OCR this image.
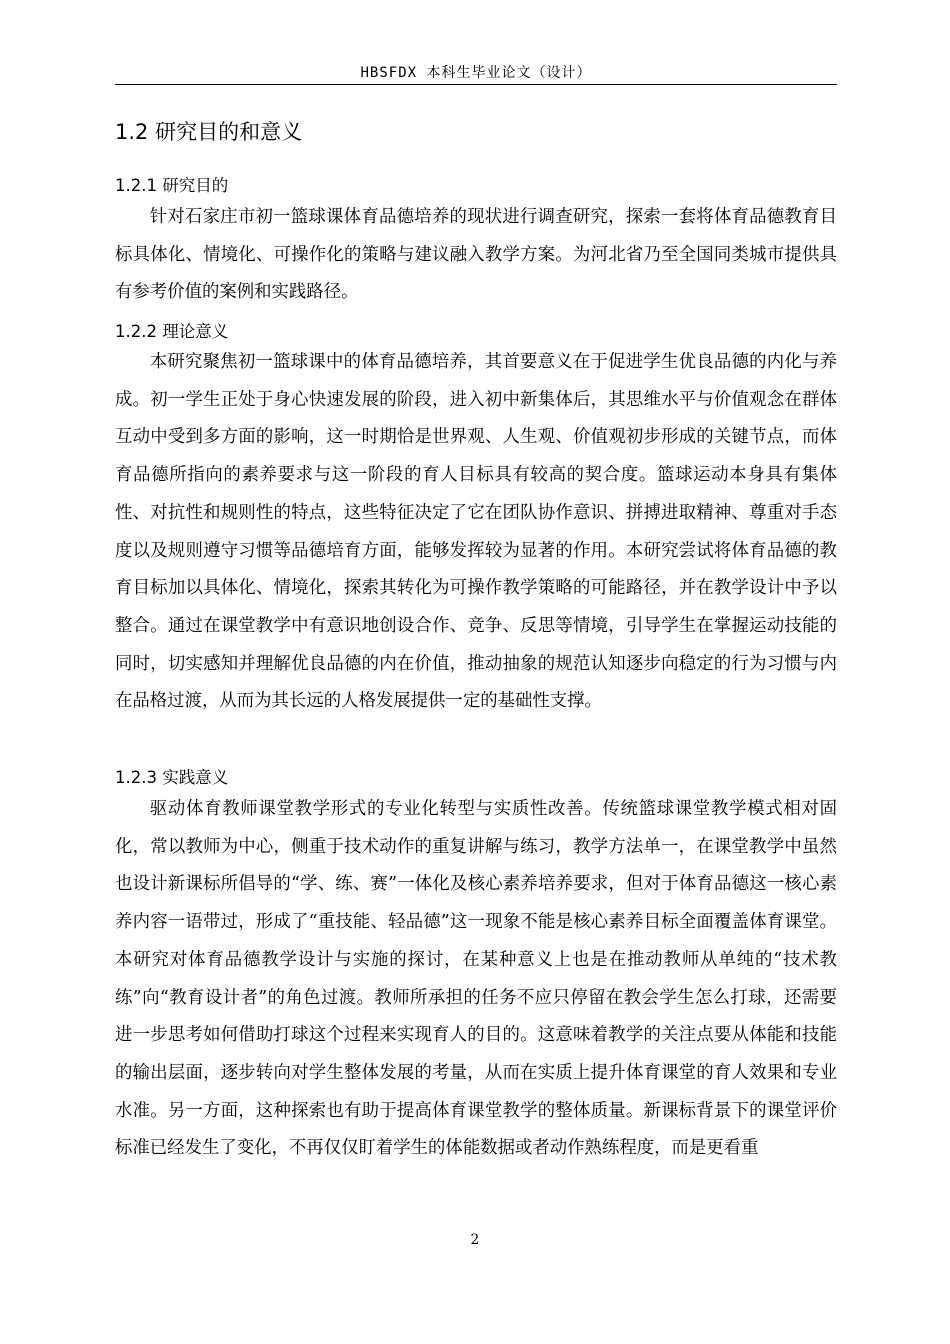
HBSFDX 本科生毕业论文（设计）
1.2 研究目的和意义
1.2.1 研究目的
针对石家庄市初一篮球课体育品德培养的现状进行调查研究，探索一套将体育品德教育目标具体化、情境化、可操作化的策略与建议融入教学方案。为河北省乃至全国同类城市提供具有参考价值的案例和实践路径。
1.2.2 理论意义
本研究聚焦初一篮球课中的体育品德培养，其首要意义在于促进学生优良品德的内化与养成。初一学生正处于身心快速发展的阶段，进入初中新集体后，其思维水平与价值观念在群体互动中受到多方面的影响，这一时期恰是世界观、人生观、价值观初步形成的关键节点，而体育品德所指向的素养要求与这一阶段的育人目标具有较高的契合度。篮球运动本身具有集体性、对抗性和规则性的特点，这些特征决定了它在团队协作意识、拼搏进取精神、尊重对手态度以及规则遵守习惯等品德培育方面，能够发挥较为显著的作用。本研究尝试将体育品德的教育目标加以具体化、情境化，探索其转化为可操作教学策略的可能路径，并在教学设计中予以整合。通过在课堂教学中有意识地创设合作、竞争、反思等情境，引导学生在掌握运动技能的同时，切实感知并理解优良品德的内在价值，推动抽象的规范认知逐步向稳定的行为习惯与内在品格过渡，从而为其长远的人格发展提供一定的基础性支撑。
1.2.3 实践意义
驱动体育教师课堂教学形式的专业化转型与实质性改善。传统篮球课堂教学模式相对固化，常以教师为中心，侧重于技术动作的重复讲解与练习，教学方法单一，在课堂教学中虽然也设计新课标所倡导的“学、练、赛”一体化及核心素养培养要求，但对于体育品德这一核心素养内容一语带过，形成了“重技能、轻品德”这一现象不能是核心素养目标全面覆盖体育课堂。本研究对体育品德教学设计与实施的探讨，在某种意义上也是在推动教师从单纯的“技术教练”向“教育设计者”的角色过渡。教师所承担的任务不应只停留在教会学生怎么打球，还需要进一步思考如何借助打球这个过程来实现育人的目的。这意味着教学的关注点要从体能和技能的输出层面，逐步转向对学生整体发展的考量，从而在实质上提升体育课堂的育人效果和专业水准。另一方面，这种探索也有助于提高体育课堂教学的整体质量。新课标背景下的课堂评价标准已经发生了变化，不再仅仅盯着学生的体能数据或者动作熟练程度，而是更看重
2
